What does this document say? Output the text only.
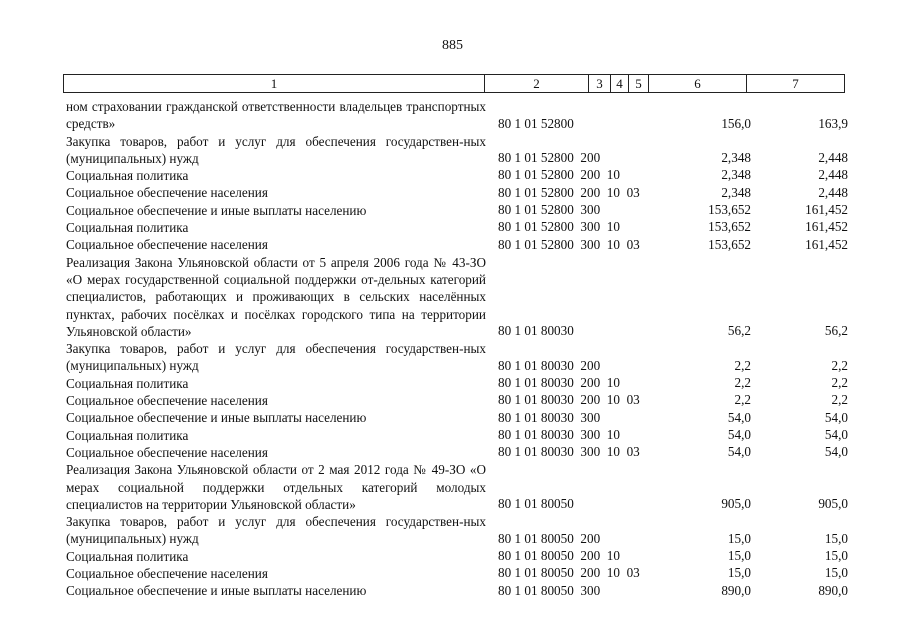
885
1	2	3	4 5	6	7
ном страховании гражданской ответственности владельцев транспортных средств»	80 1 01 52800	156,0	163,9
Закупка товаров, работ и услуг для обеспечения государствен-ных (муниципальных) нужд	80 1 01 52800  200	2,348	2,448
Социальная политика	80 1 01 52800  200  10	2,348	2,448
Социальное обеспечение населения	80 1 01 52800  200  10  03	2,348	2,448
Социальное обеспечение и иные выплаты населению	80 1 01 52800  300	153,652	161,452
Социальная политика	80 1 01 52800  300  10	153,652	161,452
Социальное обеспечение населения	80 1 01 52800  300  10  03	153,652	161,452
Реализация Закона Ульяновской области от 5 апреля 2006 года № 43-ЗО «О мерах государственной социальной поддержки от-дельных категорий специалистов, работающих и проживающих в сельских населённых пунктах, рабочих посёлках и посёлках городского типа на территории Ульяновской области»	80 1 01 80030	56,2	56,2
Закупка товаров, работ и услуг для обеспечения государствен-ных (муниципальных) нужд	80 1 01 80030  200	2,2	2,2
Социальная политика	80 1 01 80030  200  10	2,2	2,2
Социальное обеспечение населения	80 1 01 80030  200  10  03	2,2	2,2
Социальное обеспечение и иные выплаты населению	80 1 01 80030  300	54,0	54,0
Социальная политика	80 1 01 80030  300  10	54,0	54,0
Социальное обеспечение населения	80 1 01 80030  300  10  03	54,0	54,0
Реализация Закона Ульяновской области от 2 мая 2012 года № 49-ЗО «О мерах социальной поддержки отдельных категорий молодых специалистов на территории Ульяновской области»	80 1 01 80050	905,0	905,0
Закупка товаров, работ и услуг для обеспечения государствен-ных (муниципальных) нужд	80 1 01 80050  200	15,0	15,0
Социальная политика	80 1 01 80050  200  10	15,0	15,0
Социальное обеспечение населения	80 1 01 80050  200  10  03	15,0	15,0
Социальное обеспечение и иные выплаты населению	80 1 01 80050  300	890,0	890,0
